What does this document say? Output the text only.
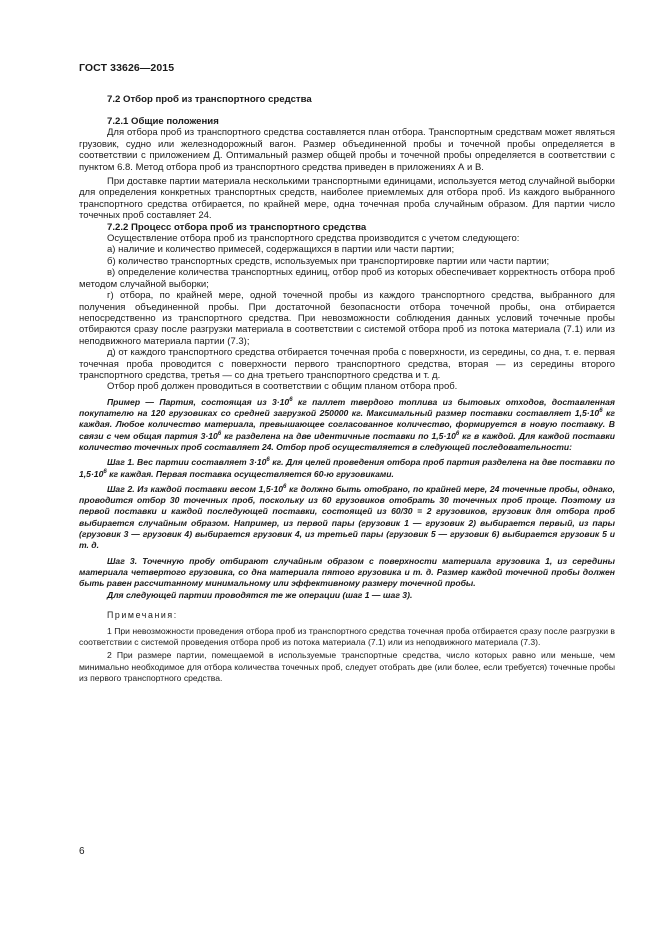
ГОСТ 33626—2015
7.2 Отбор проб из транспортного средства
7.2.1 Общие положения

Для отбора проб из транспортного средства составляется план отбора. Транспортным средствам может являться грузовик, судно или железнодорожный вагон. Размер объединенной пробы и точечной пробы определяется в соответствии с приложением Д. Оптимальный размер общей пробы и точечной пробы определяется в соответствии с пунктом 6.8. Метод отбора проб из транспортного средства приведен в приложениях А и В.

При доставке партии материала несколькими транспортными единицами, используется метод случайной выборки для определения конкретных транспортных средств, наиболее приемлемых для отбора проб. Из каждого выбранного транспортного средства отбирается, по крайней мере, одна точечная проба случайным образом. Для партии число точечных проб составляет 24.

7.2.2 Процесс отбора проб из транспортного средства

Осуществление отбора проб из транспортного средства производится с учетом следующего:

а) наличие и количество примесей, содержащихся в партии или части партии;

б) количество транспортных средств, используемых при транспортировке партии или части партии;

в) определение количества транспортных единиц, отбор проб из которых обеспечивает корректность отбора проб методом случайной выборки;

г) отбора, по крайней мере, одной точечной пробы из каждого транспортного средства, выбранного для получения объединенной пробы. При достаточной безопасности отбора точечной пробы, она отбирается непосредственно из транспортного средства. При невозможности соблюдения данных условий точечные пробы отбираются сразу после разгрузки материала в соответствии с системой отбора проб из потока материала (7.1) или из неподвижного материала партии (7.3);

д) от каждого транспортного средства отбирается точечная проба с поверхности, из середины, со дна, т. е. первая точечная проба проводится с поверхности первого транспортного средства, вторая — из середины второго транспортного средства, третья — со дна третьего транспортного средства и т. д.

Отбор проб должен проводиться в соответствии с общим планом отбора проб.

Пример — Партия, состоящая из $3\cdot 10^6$ кг паллет твердого топлива из бытовых отходов, доставленная покупателю на 120 грузовиках со средней загрузкой 250000 кг. Максимальный размер поставки составляет $1,5\cdot 10^6$ кг каждая. Любое количество материала, превышающее согласованное количество, формируется в новую поставку. В связи с чем общая партия $3\cdot 10^6$ кг разделена на две идентичные поставки по $1,5\cdot 10^6$ кг в каждой. Для каждой поставки количество точечных проб составляет 24. Отбор проб осуществляется в следующей последовательности:

Шаг 1. Вес партии составляет $3\cdot 10^6$ кг. Для целей проведения отбора проб партия разделена на две поставки по $1,5\cdot 10^6$ кг каждая. Первая поставка осуществляется 60-ю грузовиками.

Шаг 2. Из каждой поставки весом $1,5\cdot 10^6$ кг должно быть отобрано, по крайней мере, 24 точечные пробы, однако, проводится отбор 30 точечных проб, поскольку из 60 грузовиков отобрать 30 точечных проб проще. Поэтому из первой поставки и каждой последующей поставки, состоящей из 60/30 = 2 грузовиков, грузовик для отбора проб выбирается случайным образом. Например, из первой пары (грузовик 1 — грузовик 2) выбирается первый, из пары (грузовик 3 — грузовик 4) выбирается грузовик 4, из третьей пары (грузовик 5 — грузовик 6) выбирается грузовик 5 и т. д.

Шаг 3. Точечную пробу отбирают случайным образом с поверхности материала грузовика 1, из середины материала четвертого грузовика, со дна материала пятого грузовика и т. д. Размер каждой точечной пробы должен быть равен рассчитанному минимальному или эффективному размеру точечной пробы.

Для следующей партии проводятся те же операции (шаг 1 — шаг 3).

Примечания:

1 При невозможности проведения отбора проб из транспортного средства точечная проба отбирается сразу после разгрузки в соответствии с системой проведения отбора проб из потока материала (7.1) или из неподвижного материала (7.3).

2 При размере партии, помещаемой в используемые транспортные средства, число которых равно или меньше, чем минимально необходимое для отбора количества точечных проб, следует отобрать две (или более, если требуется) точечные пробы из первого транспортного средства.

6
